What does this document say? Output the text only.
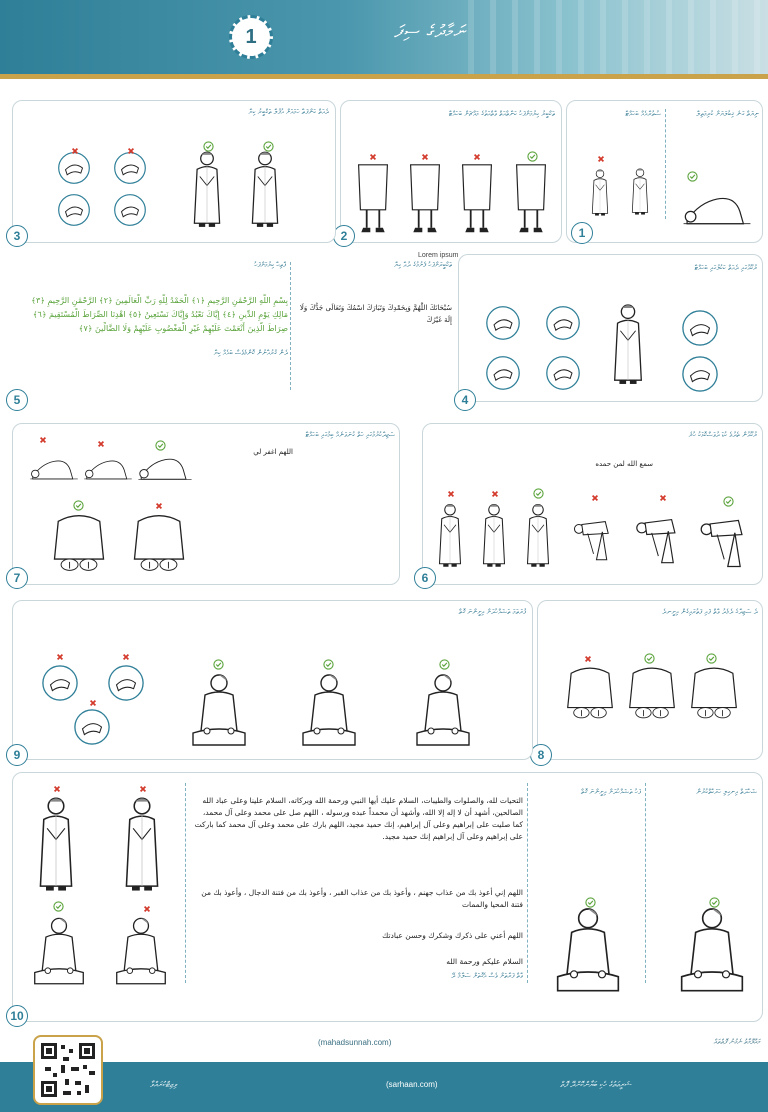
1	ނަމާދުގެ ސިފަ
ނިޔަތް ގަނެ ޤިބުލަޔަށް ކުރިމަތިލާ
ސުތުރާއެއް ބަހައްޓާ
1
ތަކްބީރު ކިޔުމަށްފަހު ކަނާތްއަތް ވާތްއަތުގެ މައްޗަށް ބަހައްޓާ
2
ދެއަތް ކަންފަތާ ހަމައަށް އުފުލާ ތަކްބީރު ކިޔާ
3
Lorem ipsum
ރުކޫޢުގައި ދެއަތް ކަކުލުގައި ބަހައްޓާ
4
ފާތިޙާ ކިޔުމަށްފަހު
بِسْمِ اللَّهِ الرَّحْمَٰنِ الرَّحِيمِ ﴿١﴾ الْحَمْدُ لِلَّهِ رَبِّ الْعَالَمِينَ ﴿٢﴾ الرَّحْمَٰنِ الرَّحِيمِ ﴿٣﴾
مَالِكِ يَوْمِ الدِّينِ ﴿٤﴾ إِيَّاكَ نَعْبُدُ وَإِيَّاكَ نَسْتَعِينُ ﴿٥﴾ اهْدِنَا الصِّرَاطَ الْمُسْتَقِيمَ ﴿٦﴾
صِرَاطَ الَّذِينَ أَنْعَمْتَ عَلَيْهِمْ غَيْرِ الْمَغْضُوبِ عَلَيْهِمْ وَلَا الضَّالِّينَ ﴿٧﴾
ދެން ޤުރުއާނުން ކޮންމެވެސް ބައެއް ކިޔާ
ތަކްބީރަށްފަހު ފެށުމުގެ ދުޢާ ކިޔާ
سُبْحَانَكَ اللَّهُمَّ وَبِحَمْدِكَ وَتَبَارَكَ اسْمُكَ وَتَعَالَى جَدُّكَ وَلَا إِلَهَ غَيْرُكَ
5
ރުކޫޢުން ތެދުވެ ކުޑަ ދުވަސްކޮޅަކު ހުރެ
سمع الله لمن حمده
6
ސަޖިދާކުރުމުގައި ހަތް ގުނަވަނެއް ބިމުގައި ބަހައްޓާ
اللهم اغفر لي
7
ދެ ސަޖިދާގެ ދެމެދު ވާތް ފައި ފަތުރައިގެން އިށީނދެ
8
ފުރަތަމަ ތަޝައްހުދަށް އިށީންނަ ގޮތް
9
التحيات لله، والصلوات والطيبات، السلام عليك أيها النبي ورحمة الله وبركاته، السلام علينا وعلى عباد الله الصالحين، أشهد أن لا إله إلا الله، وأشهد أن محمداً عبده ورسوله ، اللهم صل على محمد وعلى آل محمد، كما صليت على إبراهيم وعلى آل إبراهيم، إنك حميد مجيد، اللهم بارك على محمد وعلى آل محمد كما باركت على إبراهيم وعلى آل إبراهيم إنك حميد مجيد.
اللهم إني أعوذ بك من عذاب جهنم ، وأعوذ بك من عذاب القبر ، وأعوذ بك من فتنة الدجال ، وأعوذ بك من فتنة المحيا والممات
اللهم أعني على ذكرك وشكرك وحسن عبادتك
السلام عليكم ورحمة الله
ވާތް ފަރާތަށް ވެސް އެގޮތަށް ސަލާމް ދޭ
ފަހު ތަޝައްހުދަށް އިށީންނަ ގޮތް	ޝަހާދަތް އިނގިލި ހަރަކާތްކުރުން
10
(mahadsunnah.com)	މައުލޫމާތު ނެގުނު ފޮތްތައް
ޝަރީޢަތުގެ ހެކި ބަޔާންކޮށްދޭ ފޮތް
(sarhaan.com)
ވިޒިޓްކުރައްވާ
